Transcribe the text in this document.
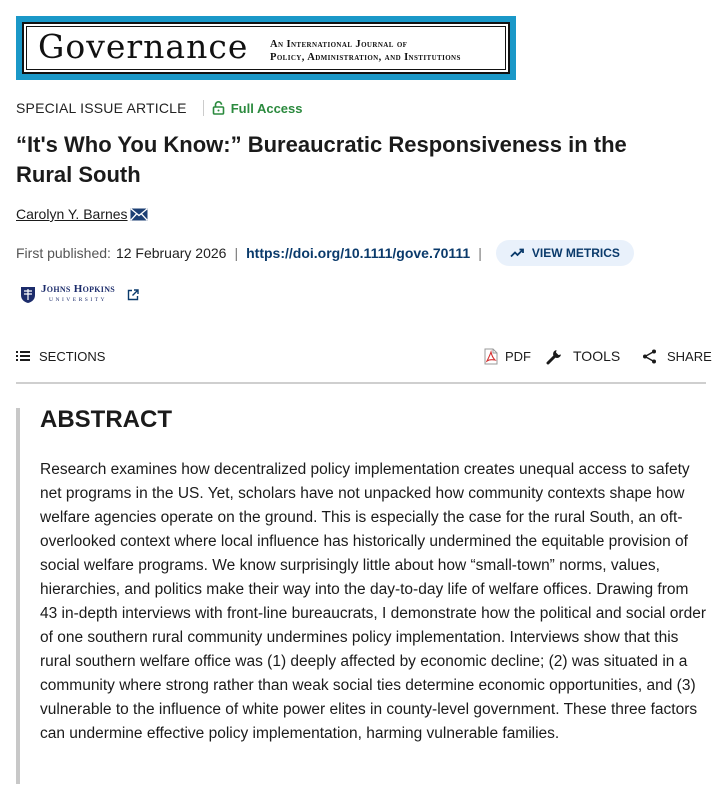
Governance An International Journal of
Policy, Administration, and Institutions
SPECIAL ISSUE ARTICLE	Full Access
“It's Who You Know:” Bureaucratic Responsiveness in the Rural South
Carolyn Y. Barnes
First published: 12 February 2026 | https://doi.org/10.1111/gove.70111 |	VIEW METRICS
Johns Hopkins
UNIVERSITY
SECTIONS	PDF	TOOLS	SHARE
ABSTRACT

Research examines how decentralized policy implementation creates unequal access to safety net programs in the US. Yet, scholars have not unpacked how community contexts shape how welfare agencies operate on the ground. This is especially the case for the rural South, an oft-overlooked context where local influence has historically undermined the equitable provision of social welfare programs. We know surprisingly little about how “small-town” norms, values, hierarchies, and politics make their way into the day-to-day life of welfare offices. Drawing from 43 in-depth interviews with front-line bureaucrats, I demonstrate how the political and social order of one southern rural community undermines policy implementation. Interviews show that this rural southern welfare office was (1) deeply affected by economic decline; (2) was situated in a community where strong rather than weak social ties determine economic opportunities, and (3) vulnerable to the influence of white power elites in county-level government. These three factors can undermine effective policy implementation, harming vulnerable families.
